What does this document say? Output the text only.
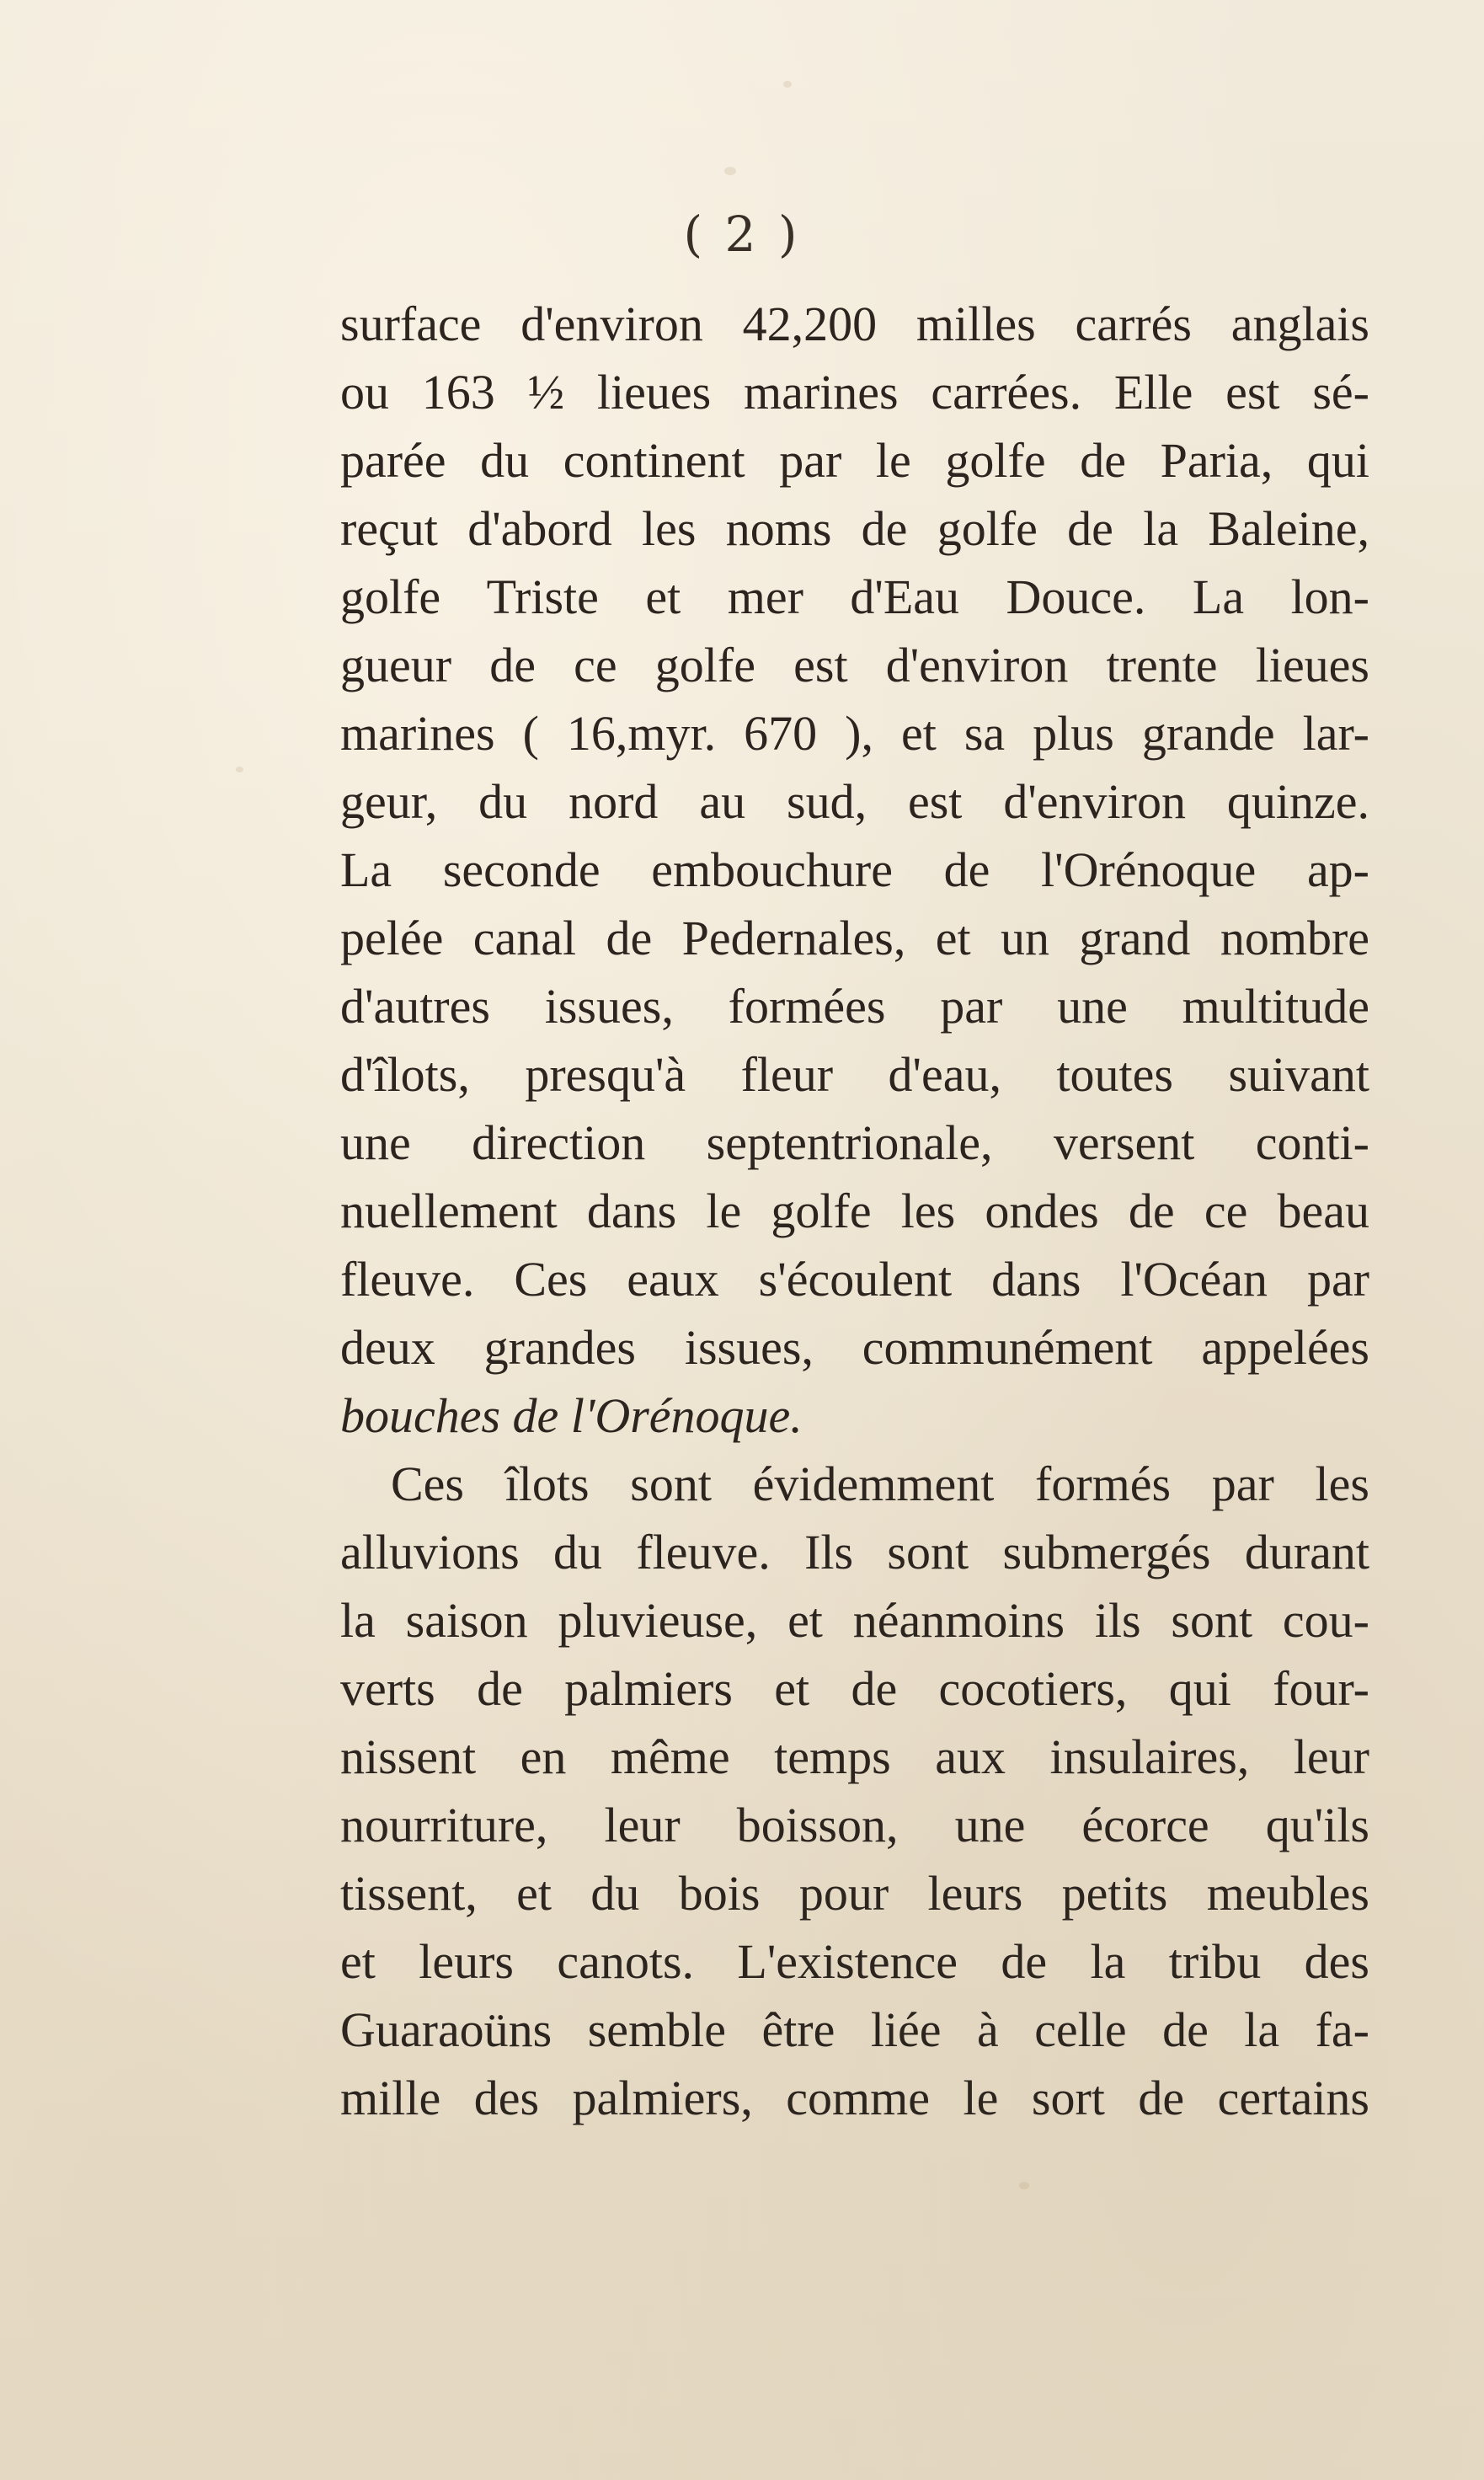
( 2 )
surface d'environ 42,200 milles carrés anglais
ou 163 ½ lieues marines carrées. Elle est sé-
parée du continent par le golfe de Paria, qui
reçut d'abord les noms de golfe de la Baleine,
golfe Triste et mer d'Eau Douce. La lon-
gueur de ce golfe est d'environ trente lieues
marines ( 16,myr. 670 ), et sa plus grande lar-
geur, du nord au sud, est d'environ quinze.
La seconde embouchure de l'Orénoque ap-
pelée canal de Pedernales, et un grand nombre
d'autres issues, formées par une multitude
d'îlots, presqu'à fleur d'eau, toutes suivant
une direction septentrionale, versent conti-
nuellement dans le golfe les ondes de ce beau
fleuve. Ces eaux s'écoulent dans l'Océan par
deux grandes issues, communément appelées
bouches de l'Orénoque.
Ces îlots sont évidemment formés par les
alluvions du fleuve. Ils sont submergés durant
la saison pluvieuse, et néanmoins ils sont cou-
verts de palmiers et de cocotiers, qui four-
nissent en même temps aux insulaires, leur
nourriture, leur boisson, une écorce qu'ils
tissent, et du bois pour leurs petits meubles
et leurs canots. L'existence de la tribu des
Guaraoüns semble être liée à celle de la fa-
mille des palmiers, comme le sort de certains
